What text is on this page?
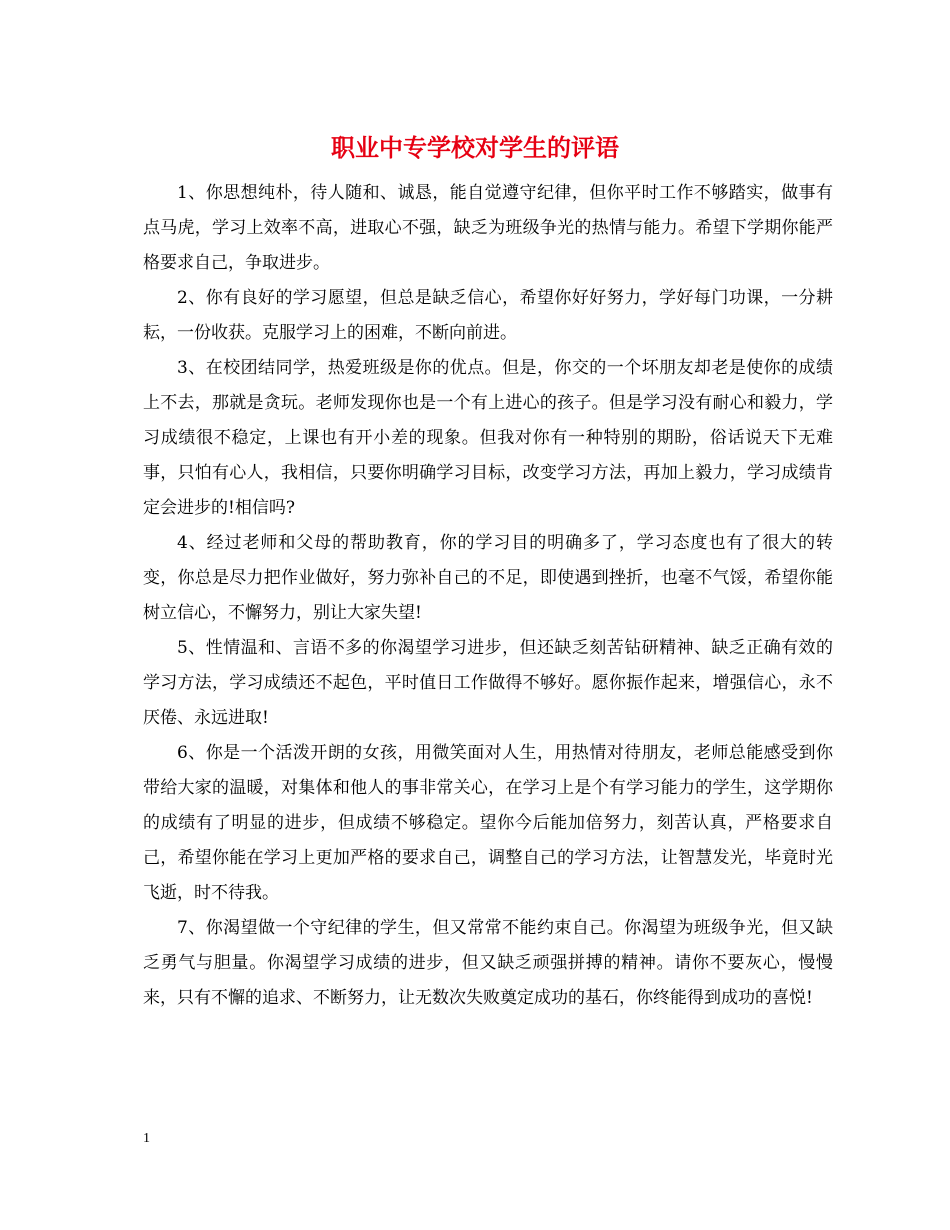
职业中专学校对学生的评语

1、你思想纯朴，待人随和、诚恳，能自觉遵守纪律，但你平时工作不够踏实，做事有点马虎，学习上效率不高，进取心不强，缺乏为班级争光的热情与能力。希望下学期你能严格要求自己，争取进步。

2、你有良好的学习愿望，但总是缺乏信心，希望你好好努力，学好每门功课，一分耕耘，一份收获。克服学习上的困难，不断向前进。

3、在校团结同学，热爱班级是你的优点。但是，你交的一个坏朋友却老是使你的成绩上不去，那就是贪玩。老师发现你也是一个有上进心的孩子。但是学习没有耐心和毅力，学习成绩很不稳定，上课也有开小差的现象。但我对你有一种特别的期盼，俗话说天下无难事，只怕有心人，我相信，只要你明确学习目标，改变学习方法，再加上毅力，学习成绩肯定会进步的!相信吗?

4、经过老师和父母的帮助教育，你的学习目的明确多了，学习态度也有了很大的转变，你总是尽力把作业做好，努力弥补自己的不足，即使遇到挫折，也毫不气馁，希望你能树立信心，不懈努力，别让大家失望!

5、性情温和、言语不多的你渴望学习进步，但还缺乏刻苦钻研精神、缺乏正确有效的学习方法，学习成绩还不起色，平时值日工作做得不够好。愿你振作起来，增强信心，永不厌倦、永远进取!

6、你是一个活泼开朗的女孩，用微笑面对人生，用热情对待朋友，老师总能感受到你带给大家的温暖，对集体和他人的事非常关心，在学习上是个有学习能力的学生，这学期你的成绩有了明显的进步，但成绩不够稳定。望你今后能加倍努力，刻苦认真，严格要求自己，希望你能在学习上更加严格的要求自己，调整自己的学习方法，让智慧发光，毕竟时光飞逝，时不待我。

7、你渴望做一个守纪律的学生，但又常常不能约束自己。你渴望为班级争光，但又缺乏勇气与胆量。你渴望学习成绩的进步，但又缺乏顽强拼搏的精神。请你不要灰心，慢慢来，只有不懈的追求、不断努力，让无数次失败奠定成功的基石，你终能得到成功的喜悦!

1
